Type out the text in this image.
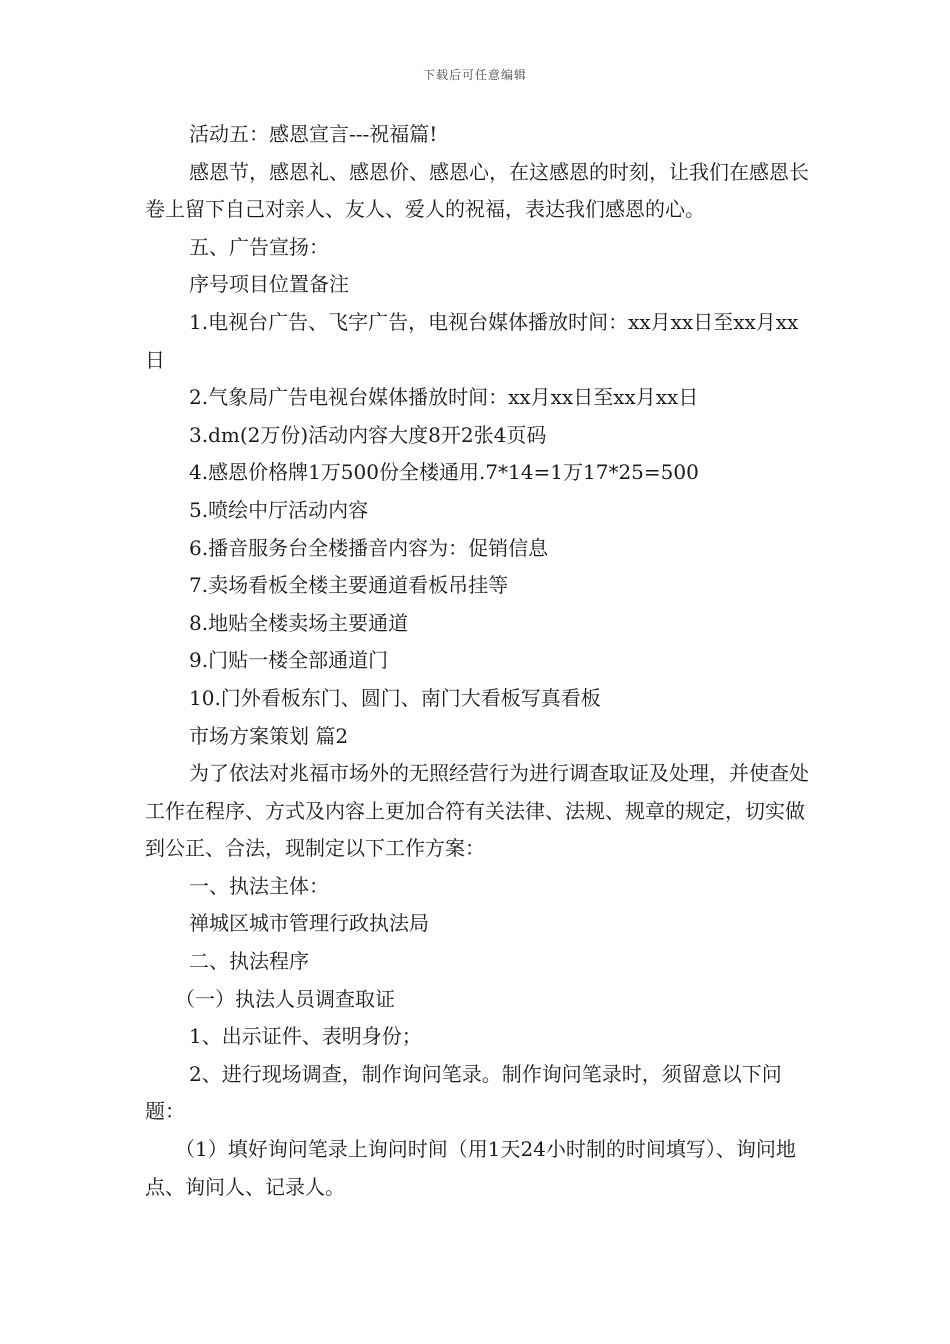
下载后可任意编辑

活动五：感恩宣言---祝福篇!

感恩节，感恩礼、感恩价、感恩心，在这感恩的时刻，让我们在感恩长卷上留下自己对亲人、友人、爱人的祝福，表达我们感恩的心。

五、广告宣扬：

序号项目位置备注

1.电视台广告、飞字广告，电视台媒体播放时间：xx月xx日至xx月xx日

2.气象局广告电视台媒体播放时间：xx月xx日至xx月xx日

3.dm(2万份)活动内容大度8开2张4页码

4.感恩价格牌1万500份全楼通用.7*14=1万17*25=500

5.喷绘中厅活动内容

6.播音服务台全楼播音内容为：促销信息

7.卖场看板全楼主要通道看板吊挂等

8.地贴全楼卖场主要通道

9.门贴一楼全部通道门

10.门外看板东门、圆门、南门大看板写真看板

市场方案策划 篇2

为了依法对兆福市场外的无照经营行为进行调查取证及处理，并使查处工作在程序、方式及内容上更加合符有关法律、法规、规章的规定，切实做到公正、合法，现制定以下工作方案：

一、执法主体：

禅城区城市管理行政执法局

二、执法程序

（一）执法人员调查取证

1、出示证件、表明身份；

2、进行现场调查，制作询问笔录。制作询问笔录时，须留意以下问题：

（1）填好询问笔录上询问时间（用1天24小时制的时间填写）、询问地点、询问人、记录人。
